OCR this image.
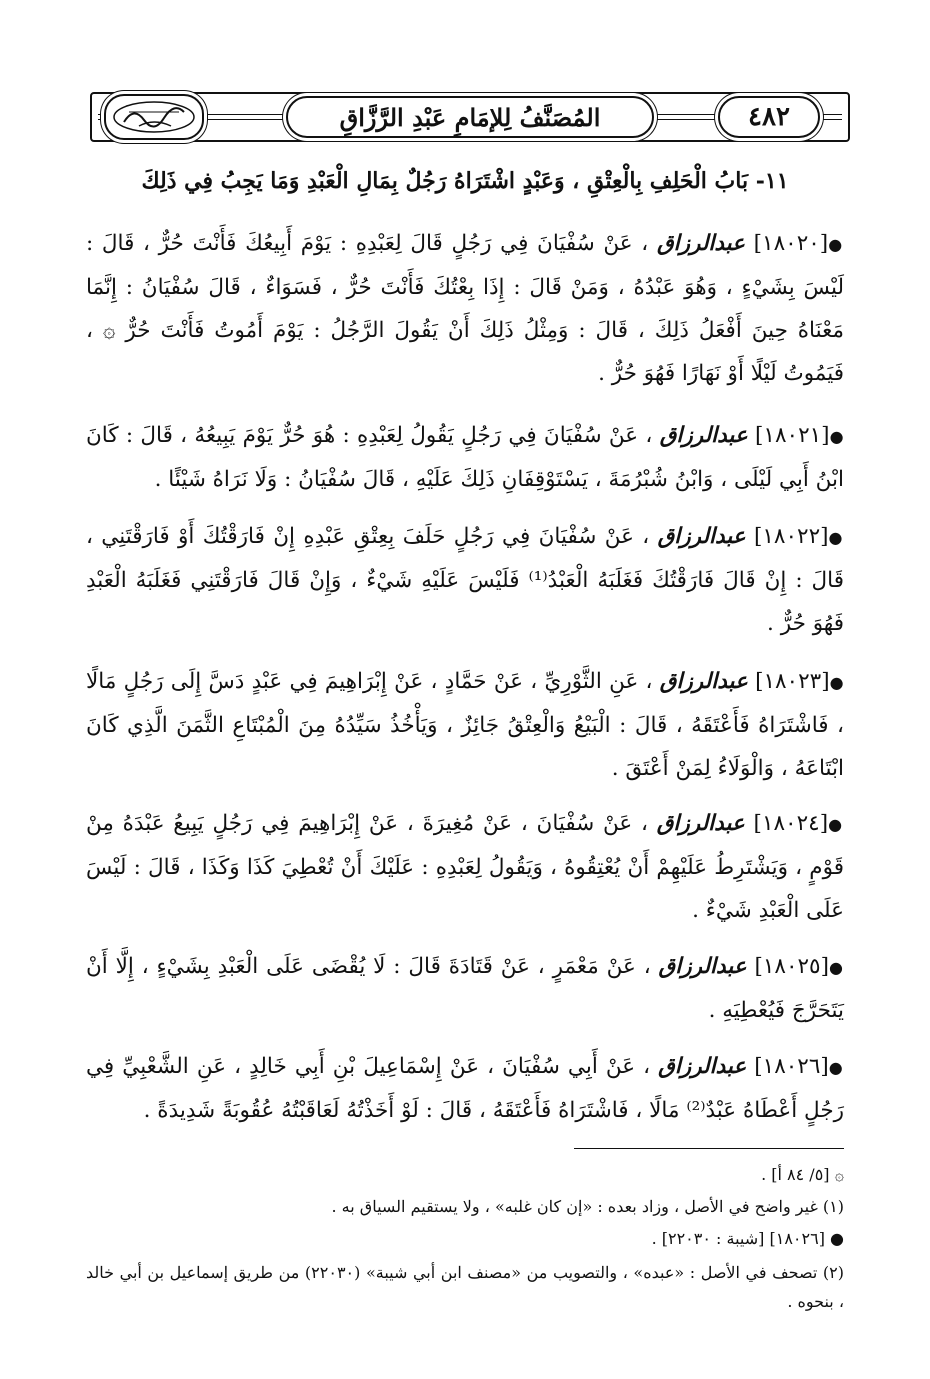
المُصَنَّفُ لِلإمَامِ عَبْدِ الرَّزَّاقِ	٤٨٢
١١- بَابُ الْحَلِفِ بِالْعِتْقِ ، وَعَبْدٍ اشْتَرَاهُ رَجُلٌ بِمَالِ الْعَبْدِ وَمَا يَجِبُ فِي ذَلِكَ
●[١٨٠٢٠] عبدالرزاق ، عَنْ سُفْيَانَ فِي رَجُلٍ قَالَ لِعَبْدِهِ : يَوْمَ أَبِيعُكَ فَأَنْتَ حُرٌّ ، قَالَ : لَيْسَ بِشَيْءٍ ، وَهُوَ عَبْدُهُ ، وَمَنْ قَالَ : إِذَا بِعْتُكَ فَأَنْتَ حُرٌّ ، فَسَوَاءٌ ، قَالَ سُفْيَانُ : إِنَّمَا مَعْنَاهُ حِينَ أَفْعَلُ ذَلِكَ ، قَالَ : وَمِثْلُ ذَلِكَ أَنْ يَقُولَ الرَّجُلُ : يَوْمَ أَمُوتُ فَأَنْتَ حُرٌّ ۞ ، فَيَمُوتُ لَيْلًا أَوْ نَهَارًا فَهُوَ حُرٌّ .
●[١٨٠٢١] عبدالرزاق ، عَنْ سُفْيَانَ فِي رَجُلٍ يَقُولُ لِعَبْدِهِ : هُوَ حُرٌّ يَوْمَ يَبِيعُهُ ، قَالَ : كَانَ ابْنُ أَبِي لَيْلَى ، وَابْنُ شُبْرُمَةَ ، يَسْتَوْقِفَانِ ذَلِكَ عَلَيْهِ ، قَالَ سُفْيَانُ : وَلَا نَرَاهُ شَيْئًا .
●[١٨٠٢٢] عبدالرزاق ، عَنْ سُفْيَانَ فِي رَجُلٍ حَلَفَ بِعِتْقِ عَبْدِهِ إِنْ فَارَقْتُكَ أَوْ فَارَقْتَنِي ، قَالَ : إِنْ قَالَ فَارَقْتُكَ فَغَلَبَهُ الْعَبْدُ⁽¹⁾ فَلَيْسَ عَلَيْهِ شَيْءٌ ، وَإِنْ قَالَ فَارَقْتَنِي فَغَلَبَهُ الْعَبْدِ فَهُوَ حُرٌّ .
●[١٨٠٢٣] عبدالرزاق ، عَنِ الثَّوْرِيِّ ، عَنْ حَمَّادٍ ، عَنْ إِبْرَاهِيمَ فِي عَبْدٍ دَسَّ إِلَى رَجُلٍ مَالًا ، فَاشْتَرَاهُ فَأَعْتَقَهُ ، قَالَ : الْبَيْعُ وَالْعِتْقُ جَائِزٌ ، وَيَأْخُذُ سَيِّدُهُ مِنَ الْمُبْتَاعِ الثَّمَنَ الَّذِي كَانَ ابْتَاعَهُ ، وَالْوَلَاءُ لِمَنْ أَعْتَقَ .
●[١٨٠٢٤] عبدالرزاق ، عَنْ سُفْيَانَ ، عَنْ مُغِيرَةَ ، عَنْ إِبْرَاهِيمَ فِي رَجُلٍ يَبِيعُ عَبْدَهُ مِنْ قَوْمٍ ، وَيَشْتَرِطُ عَلَيْهِمْ أَنْ يُعْتِقُوهُ ، وَيَقُولُ لِعَبْدِهِ : عَلَيْكَ أَنْ تُعْطِيَ كَذَا وَكَذَا ، قَالَ : لَيْسَ عَلَى الْعَبْدِ شَيْءٌ .
●[١٨٠٢٥] عبدالرزاق ، عَنْ مَعْمَرٍ ، عَنْ قَتَادَةَ قَالَ : لَا يُقْضَى عَلَى الْعَبْدِ بِشَيْءٍ ، إِلَّا أَنْ يَتَحَرَّجَ فَيُعْطِيَهِ .
●[١٨٠٢٦] عبدالرزاق ، عَنْ أَبِي سُفْيَانَ ، عَنْ إِسْمَاعِيلَ بْنِ أَبِي خَالِدٍ ، عَنِ الشَّعْبِيِّ فِي رَجُلٍ أَعْطَاهُ عَبْدٌ⁽²⁾ مَالًا ، فَاشْتَرَاهُ فَأَعْتَقَهُ ، قَالَ : لَوْ أَخَذْتُهُ لَعَاقَبْتُهُ عُقُوبَةً شَدِيدَةً .
۞ [٥/ ٨٤ أ] .
(١) غير واضح في الأصل ، وزاد بعده : «إن كان غلبه» ، ولا يستقيم السياق به .
● [١٨٠٢٦] [شيبة : ٢٢٠٣٠] .
(٢) تصحف في الأصل : «عبده» ، والتصويب من «مصنف ابن أبي شيبة» (٢٢٠٣٠) من طريق إسماعيل بن أبي خالد ، بنحوه .
